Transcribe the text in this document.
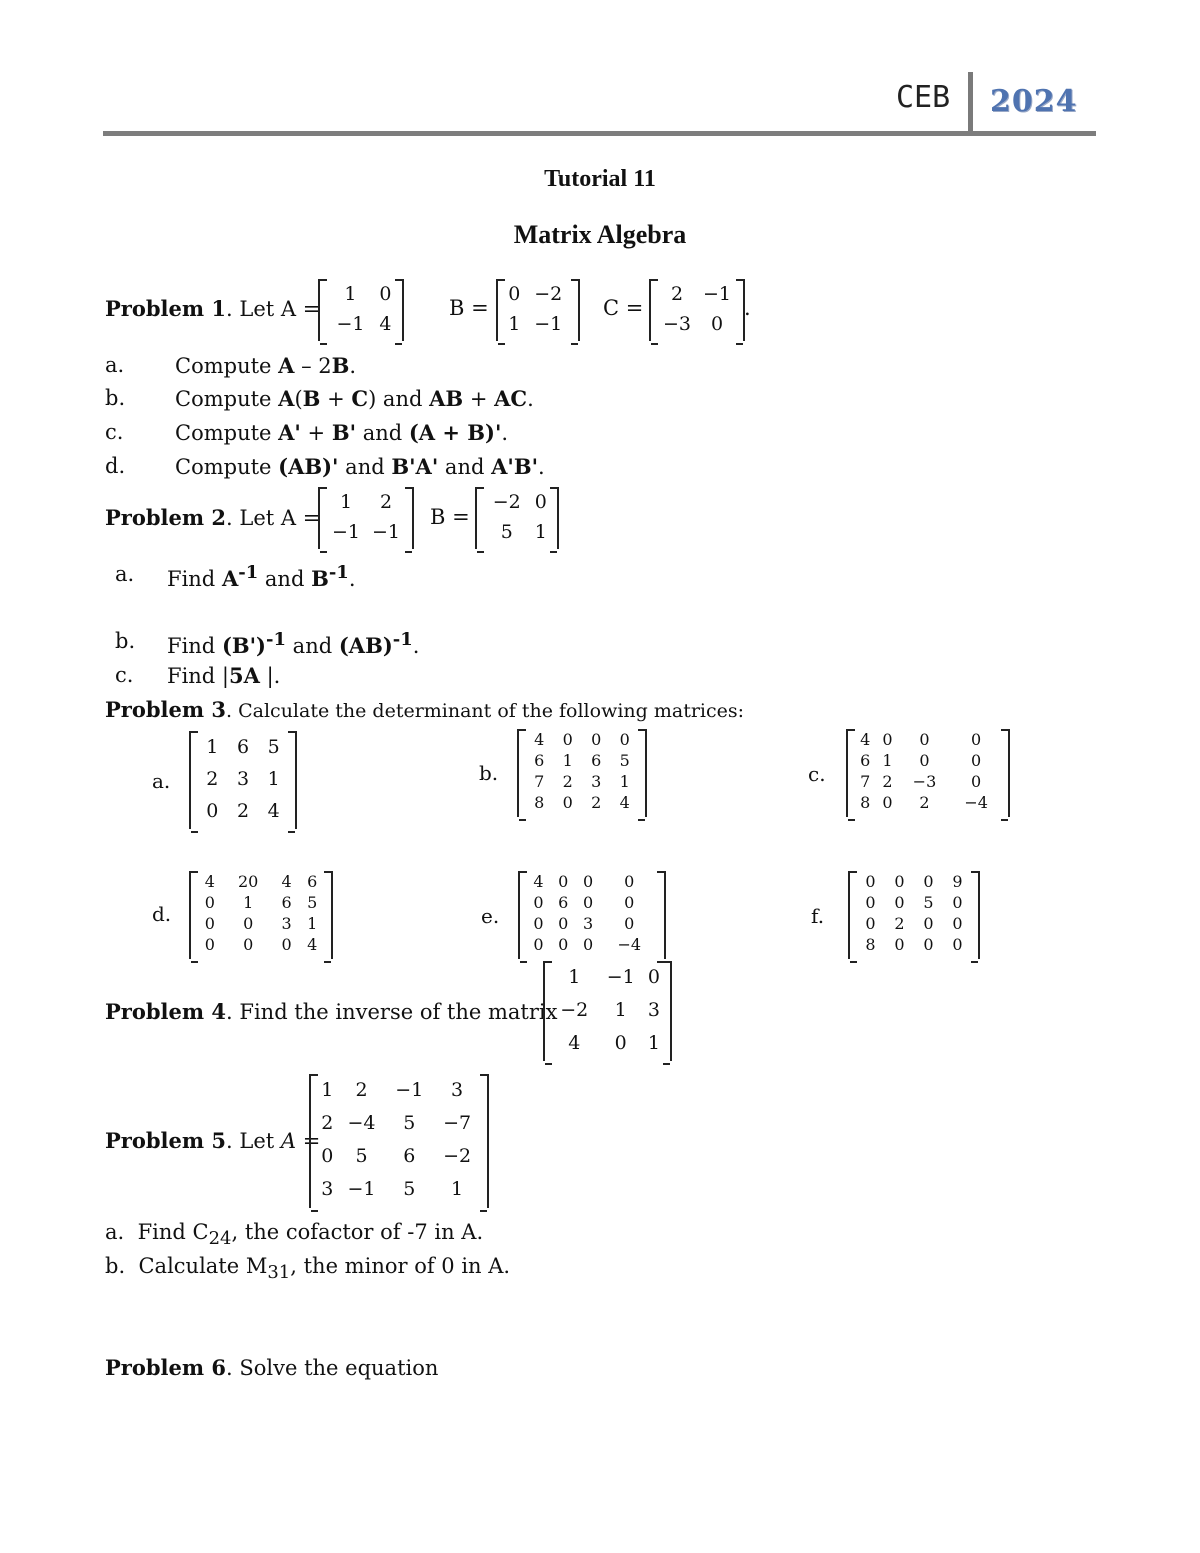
CEB 2024
Tutorial 11
Matrix Algebra
Problem 1. Let A =
1	0
−1	4
B =
0	−2
1	−1
C =
2	−1
−3	0
.
a. Compute A – 2B.
b. Compute A(B + C) and AB + AC.
c. Compute A' + B' and (A + B)'.
d. Compute (AB)' and B'A' and A'B'.
Problem 2. Let A =
1	2
−1	−1
B =
−2	0
5	1
a. Find $A^{-1}$ and $B^{-1}$.
b. Find $(B')^{-1}$ and (AB)$^{-1}$.
c. Find |5A |.
Problem 3. Calculate the determinant of the following matrices:
a.
1	6	5
2	3	1
0	2	4
b.
4	0	0	0
6	1	6	5
7	2	3	1
8	0	2	4
c.
4	0	0	0
6	1	0	0
7	2	−3	0
8	0	2	−4
d.
4	20	4	6
0	1	6	5
0	0	3	1
0	0	0	4
e.
4	0	0	0
0	6	0	0
0	0	3	0
0	0	0	−4
f.
0	0	0	9
0	0	5	0
0	2	0	0
8	0	0	0
Problem 4. Find the inverse of the matrix
1	−1	0
−2	1	3
4	0	1
Problem 5. Let A =
1	2	−1	3
2	−4	5	−7
0	5	6	−2
3	−1	5	1
a. Find $C_{24}$, the cofactor of -7 in A.
b. Calculate $M_{31}$, the minor of 0 in A.
Problem 6. Solve the equation
